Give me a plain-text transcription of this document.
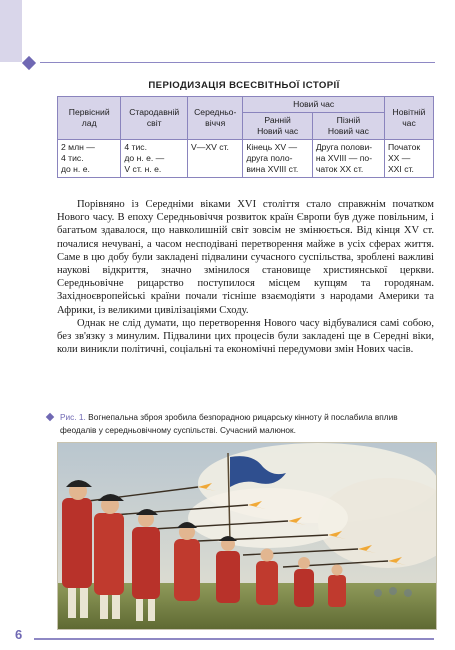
ПЕРІОДИЗАЦІЯ ВСЕСВІТНЬОЇ ІСТОРІЇ
Первісний
лад	Стародавній
світ	Середньо-
віччя	Новий час		Новітній
час
			Ранній
Новий час	Пізній
Новий час	
2 млн —
4 тис.
до н. е.	4 тис.
до н. е. —
V ст. н. е.	V—XV ст.	Кінець XV —
друга поло-
вина XVIII ст.	Друга полови-
на XVIII — по-
чаток XX ст.	Початок
XX —
XXI ст.

Порівняно із Середніми віками XVI століття стало справжнім початком Нового часу. В епоху Середньовіччя розвиток країн Європи був дуже повільним, і багатьом здавалося, що навколишній світ зовсім не змінюється. Від кінця XV ст. почалися нечувані, а часом несподівані перетворення майже в усіх сферах життя. Саме в цю добу були закладені підвалини сучасного суспільства, зроблені важливі наукові відкриття, значно змінилося становище християнської церкви. Середньовічне рицарство поступилося місцем купцям та городянам. Західноєвропейські країни почали тісніше взаємодіяти з народами Америки та Африки, із великими цивілізаціями Сходу.

Однак не слід думати, що перетворення Нового часу відбувалися самі собою, без зв'язку з минулим. Підвалини цих процесів були закладені ще в Середні віки, коли виникли політичні, соціальні та економічні передумови змін Нових часів.

Рис. 1. Вогнепальна зброя зробила безпорадною рицарську кінноту й послабила вплив феодалів у середньовічному суспільстві. Сучасний малюнок.
6
